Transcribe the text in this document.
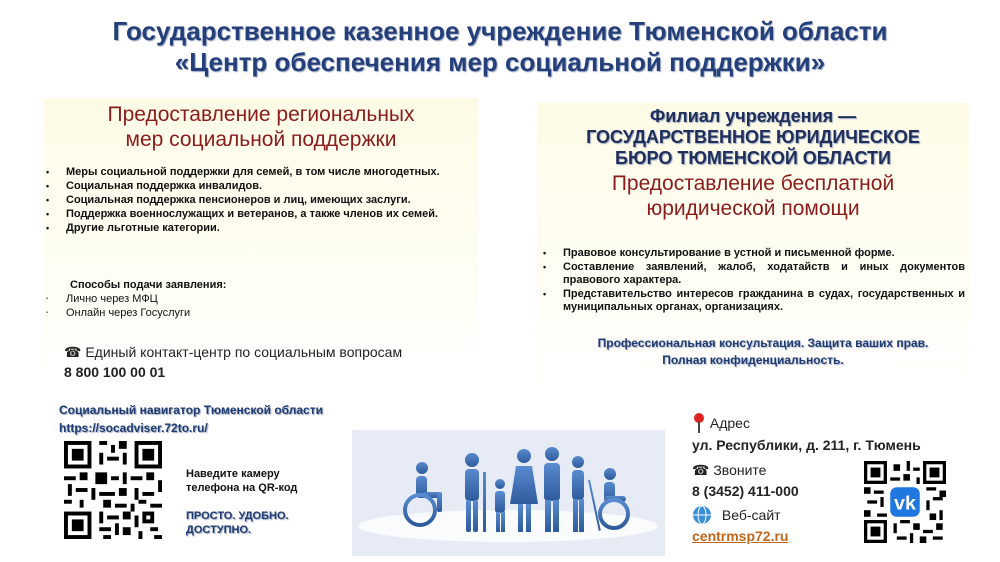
Государственное казенное учреждение Тюменской области
«Центр обеспечения мер социальной поддержки»
Предоставление региональных
мер социальной поддержки
• Меры социальной поддержки для семей, в том числе многодетных.
• Социальная поддержка инвалидов.
• Социальная поддержка пенсионеров и лиц, имеющих заслуги.
• Поддержка военнослужащих и ветеранов, а также членов их семей.
• Другие льготные категории.
Способы подачи заявления:
▪ Лично через МФЦ
▪ Онлайн через Госуслуги
☎ Единый контакт-центр по социальным вопросам
8 800 100 00 01
Филиал учреждения —
ГОСУДАРСТВЕННОЕ ЮРИДИЧЕСКОЕ
БЮРО ТЮМЕНСКОЙ ОБЛАСТИ
Предоставление бесплатной
юридической помощи
• Правовое консультирование в устной и письменной форме.
• Составление заявлений, жалоб, ходатайств и иных документов правового характера.
• Представительство интересов гражданина в судах, государственных и муниципальных органах, организациях.
Профессиональная консультация. Защита ваших прав.
Полная конфиденциальность.
Социальный навигатор Тюменской области
https://socadviser.72to.ru/
Наведите камеру
телефона на QR-код
ПРОСТО. УДОБНО.
ДОСТУПНО.
Адрес
ул. Республики, д. 211, г. Тюмень
☎ Звоните
8 (3452) 411-000
Веб-сайт
centrmsp72.ru
vk
